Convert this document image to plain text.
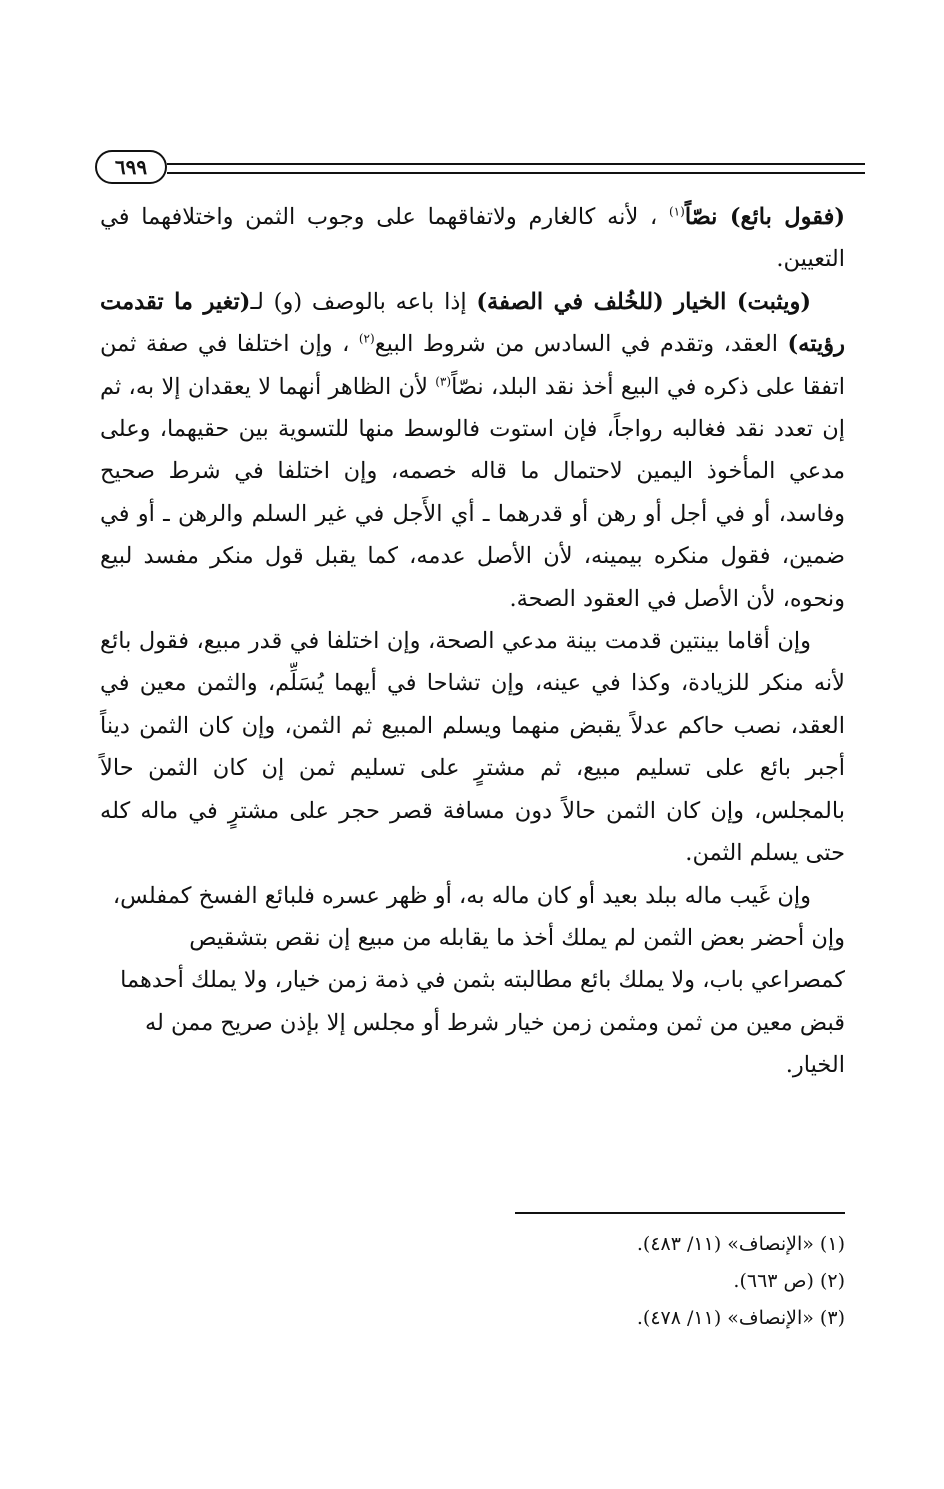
٦٩٩

(فقول بائع) نصّاً$^{(١)}$ ، لأنه كالغارم ولاتفاقهما على وجوب الثمن واختلافهما في التعيين.

(ويثبت) الخيار (للخُلف في الصفة) إذا باعه بالوصف (و) لـ(تغير ما تقدمت رؤيته) العقد، وتقدم في السادس من شروط البيع$^{(٢)}$ ، وإن اختلفا في صفة ثمن اتفقا على ذكره في البيع أخذ نقد البلد، نصّاً$^{(٣)}$ لأن الظاهر أنهما لا يعقدان إلا به، ثم إن تعدد نقد فغالبه رواجاً، فإن استوت فالوسط منها للتسوية بين حقيهما، وعلى مدعي المأخوذ اليمين لاحتمال ما قاله خصمه، وإن اختلفا في شرط صحيح وفاسد، أو في أجل أو رهن أو قدرهما ـ أي الأَجل في غير السلم والرهن ـ أو في ضمين، فقول منكره بيمينه، لأن الأصل عدمه، كما يقبل قول منكر مفسد لبيع ونحوه، لأن الأصل في العقود الصحة.

وإن أقاما بينتين قدمت بينة مدعي الصحة، وإن اختلفا في قدر مبيع، فقول بائع لأنه منكر للزيادة، وكذا في عينه، وإن تشاحا في أيهما يُسَلِّم، والثمن معين في العقد، نصب حاكم عدلاً يقبض منهما ويسلم المبيع ثم الثمن، وإن كان الثمن ديناً أجبر بائع على تسليم مبيع، ثم مشترٍ على تسليم ثمن إن كان الثمن حالاً بالمجلس، وإن كان الثمن حالاً دون مسافة قصر حجر على مشترٍ في ماله كله حتى يسلم الثمن.

وإن غَيب ماله ببلد بعيد أو كان ماله به، أو ظهر عسره فلبائع الفسخ كمفلس، وإن أحضر بعض الثمن لم يملك أخذ ما يقابله من مبيع إن نقص بتشقيص كمصراعي باب، ولا يملك بائع مطالبته بثمن في ذمة زمن خيار، ولا يملك أحدهما قبض معين من ثمن ومثمن زمن خيار شرط أو مجلس إلا بإذن صريح ممن له الخيار.

(١) «الإنصاف» (١١/ ٤٨٣).
(٢) (ص ٦٦٣).
(٣) «الإنصاف» (١١/ ٤٧٨).
